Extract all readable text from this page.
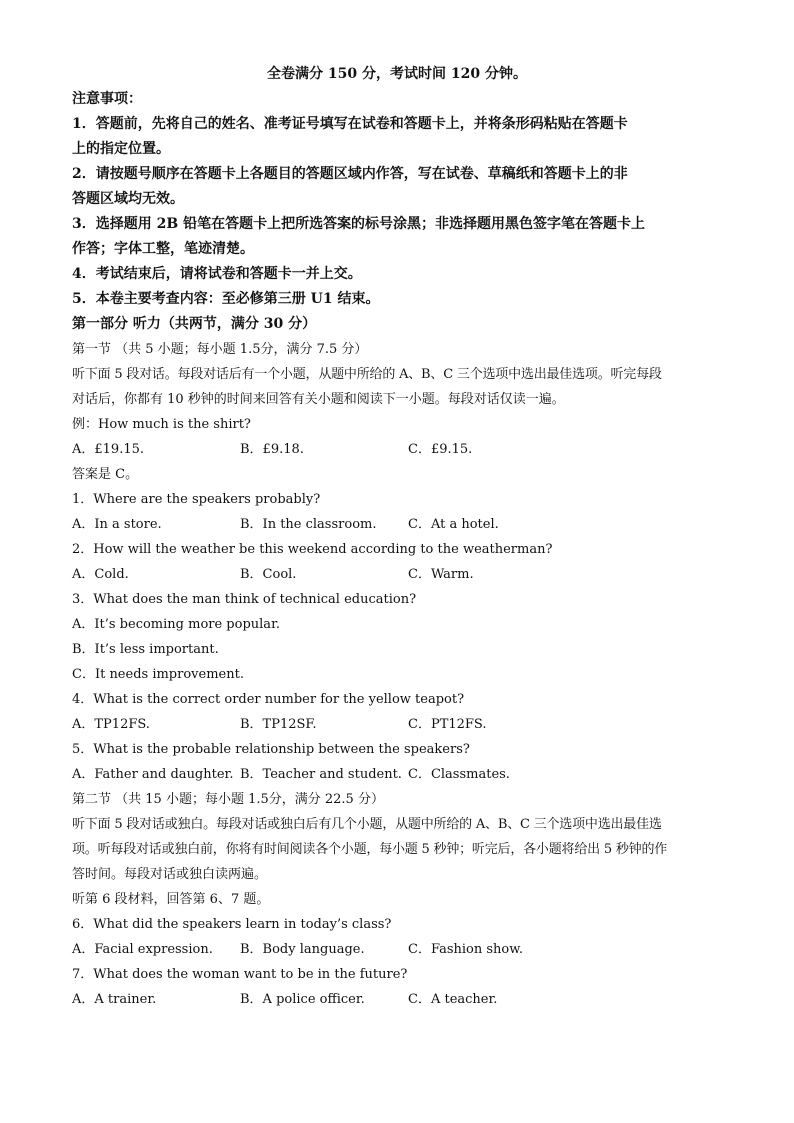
全卷满分 150 分，考试时间 120 分钟。
注意事项：
1．答题前，先将自己的姓名、准考证号填写在试卷和答题卡上，并将条形码粘贴在答题卡
上的指定位置。
2．请按题号顺序在答题卡上各题目的答题区域内作答，写在试卷、草稿纸和答题卡上的非
答题区域均无效。
3．选择题用 2B 铅笔在答题卡上把所选答案的标号涂黑；非选择题用黑色签字笔在答题卡上
作答；字体工整，笔迹清楚。
4．考试结束后，请将试卷和答题卡一并上交。
5．本卷主要考查内容：至必修第三册 U1 结束。
第一部分 听力（共两节，满分 30 分）
第一节 （共 5 小题；每小题 1.5分，满分 7.5 分）
听下面 5 段对话。每段对话后有一个小题，从题中所给的 A、B、C 三个选项中选出最佳选项。听完每段
对话后，你都有 10 秒钟的时间来回答有关小题和阅读下一小题。每段对话仅读一遍。
例：How much is the shirt?
A．£19.15.	B．£9.18.	C．£9.15.
答案是 C。
1．Where are the speakers probably?
A．In a store.	B．In the classroom.	C．At a hotel.
2．How will the weather be this weekend according to the weatherman?
A．Cold.	B．Cool.	C．Warm.
3．What does the man think of technical education?
A．It’s becoming more popular.
B．It’s less important.
C．It needs improvement.
4．What is the correct order number for the yellow teapot?
A．TP12FS.	B．TP12SF.	C．PT12FS.
5．What is the probable relationship between the speakers?
A．Father and daughter. B．Teacher and student. C．Classmates.
第二节 （共 15 小题；每小题 1.5分，满分 22.5 分）
听下面 5 段对话或独白。每段对话或独白后有几个小题，从题中所给的 A、B、C 三个选项中选出最佳选
项。听每段对话或独白前，你将有时间阅读各个小题，每小题 5 秒钟；听完后，各小题将给出 5 秒钟的作
答时间。每段对话或独白读两遍。
听第 6 段材料，回答第 6、7 题。
6．What did the speakers learn in today’s class?
A．Facial expression.	B．Body language.	C．Fashion show.
7．What does the woman want to be in the future?
A．A trainer.	B．A police officer.	C．A teacher.
